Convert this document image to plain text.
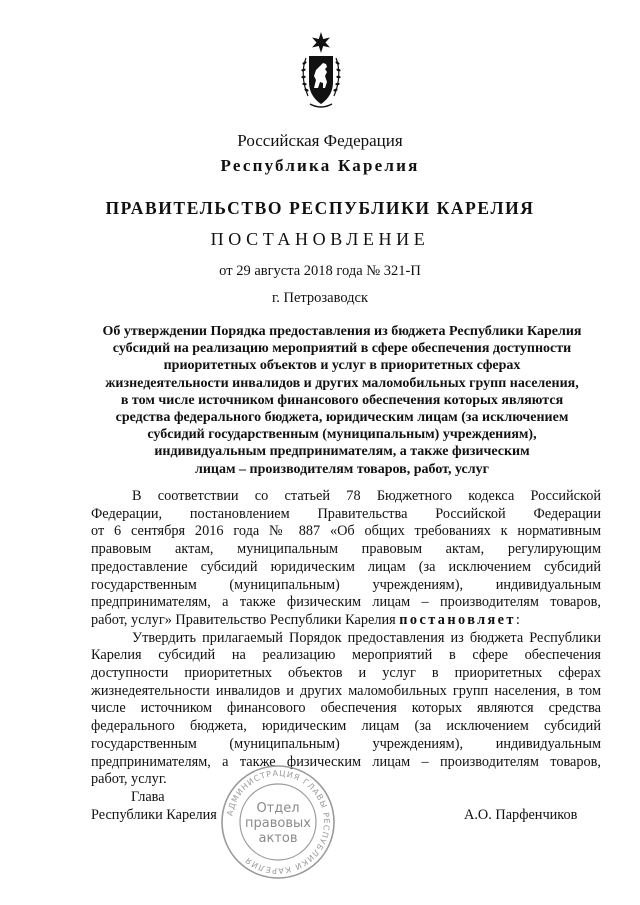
Российская Федерация
Республика Карелия
ПРАВИТЕЛЬСТВО РЕСПУБЛИКИ КАРЕЛИЯ
ПОСТАНОВЛЕНИЕ
от 29 августа 2018 года № 321-П
г. Петрозаводск
Об утверждении Порядка предоставления из бюджета Республики Карелия
субсидий на реализацию мероприятий в сфере обеспечения доступности
приоритетных объектов и услуг в приоритетных сферах
жизнедеятельности инвалидов и других маломобильных групп населения,
в том числе источником финансового обеспечения которых являются
средства федерального бюджета, юридическим лицам (за исключением
субсидий государственным (муниципальным) учреждениям),
индивидуальным предпринимателям, а также физическим
лицам – производителям товаров, работ, услуг

В соответствии со статьей 78 Бюджетного кодекса Российской
Федерации, постановлением Правительства Российской Федерации
от 6 сентября 2016 года № 887 «Об общих требованиях к нормативным
правовым актам, муниципальным правовым актам, регулирующим
предоставление субсидий юридическим лицам (за исключением субсидий
государственным (муниципальным) учреждениям), индивидуальным
предпринимателям, а также физическим лицам – производителям товаров,
работ, услуг» Правительство Республики Карелия постановляет:

Утвердить прилагаемый Порядок предоставления из бюджета Республики
Карелия субсидий на реализацию мероприятий в сфере обеспечения
доступности приоритетных объектов и услуг в приоритетных сферах
жизнедеятельности инвалидов и других маломобильных групп населения, в том
числе источником финансового обеспечения которых являются средства
федерального бюджета, юридическим лицам (за исключением субсидий
государственным (муниципальным) учреждениям), индивидуальным
предпринимателям, а также физическим лицам – производителям товаров,
работ, услуг.

АДМИНИСТРАЦИЯ ГЛАВЫ РЕСПУБЛИКИ КАРЕЛИЯ
Отдел
правовых
актов
Глава
Республики Карелия	А.О. Парфенчиков
